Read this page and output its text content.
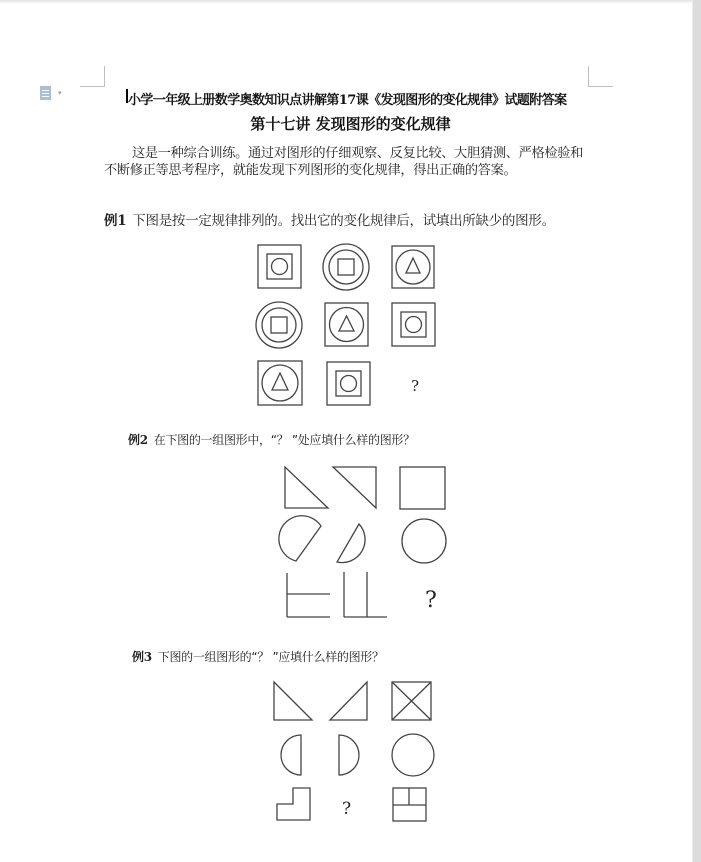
▾	小学一年级上册数学奥数知识点讲解第17课《发现图形的变化规律》试题附答案
第十七讲 发现图形的变化规律
这是一种综合训练。通过对图形的仔细观察、反复比较、大胆猜测、严格检验和不断修正等思考程序，就能发现下列图形的变化规律，得出正确的答案。
例1 下图是按一定规律排列的。找出它的变化规律后，试填出所缺少的图形。
?
例2 在下图的一组图形中，“？ ”处应填什么样的图形？
?
例3 下图的一组图形的“？ ”应填什么样的图形？
?
